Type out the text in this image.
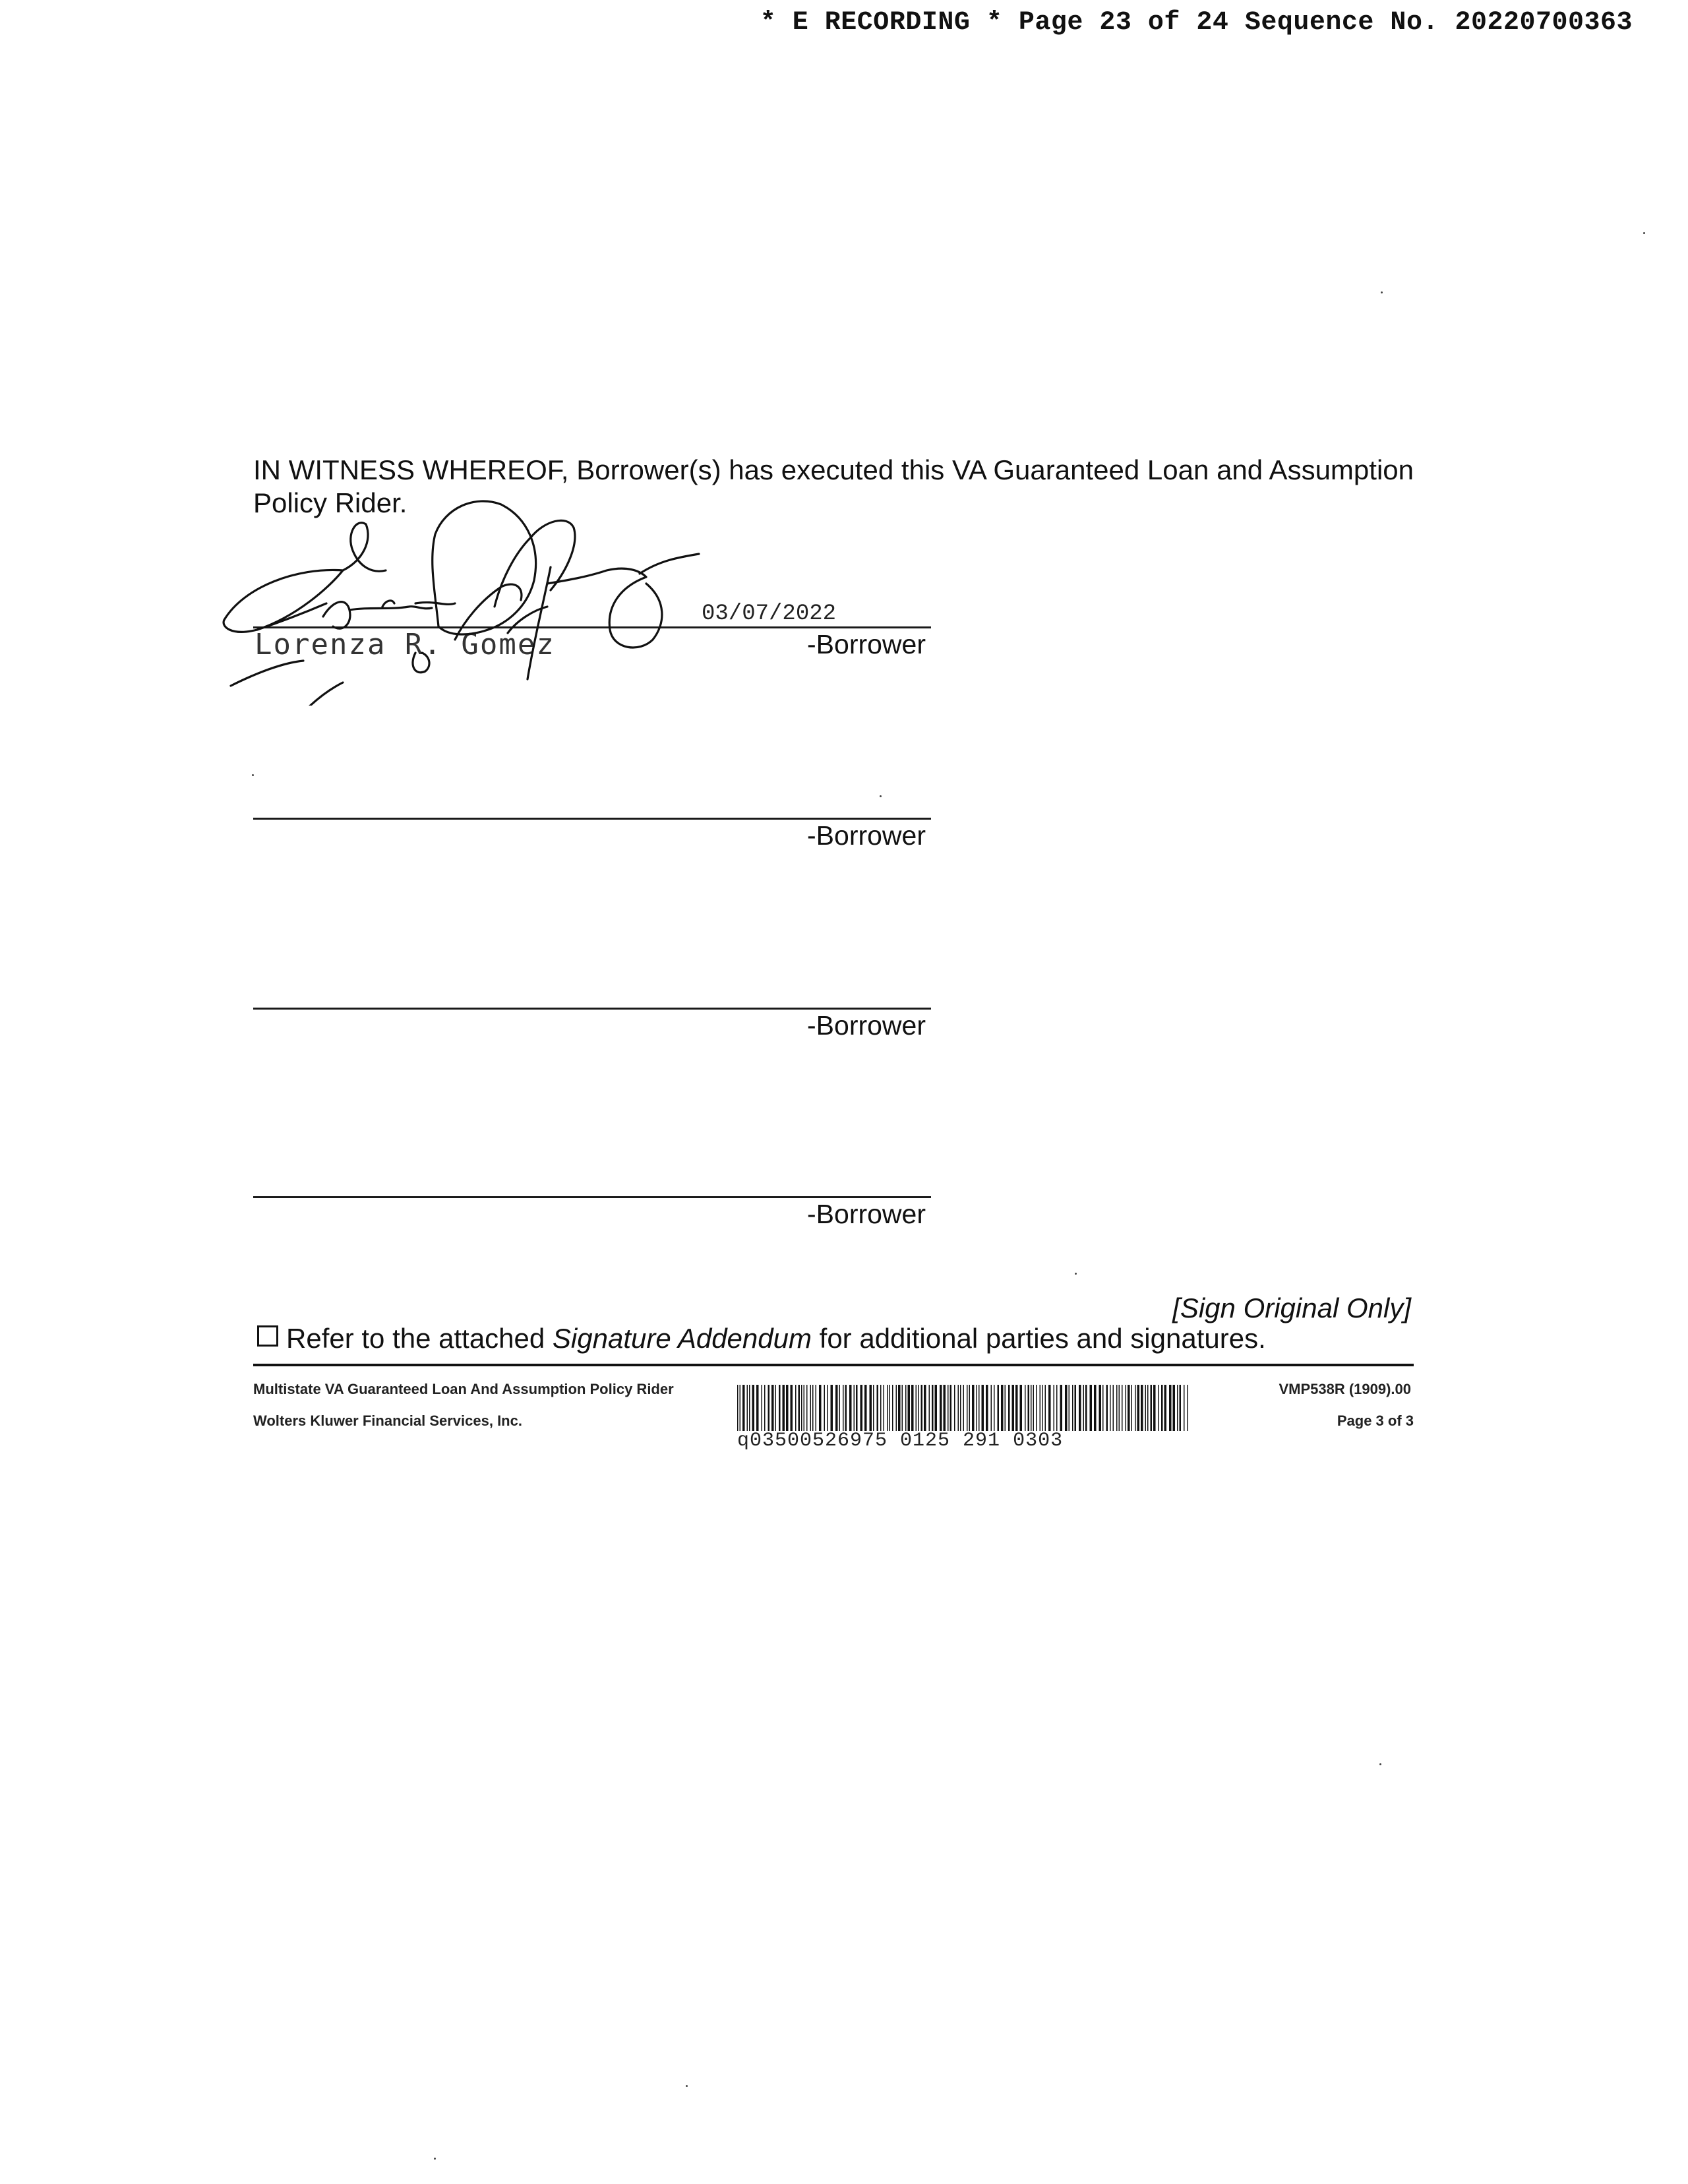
* E RECORDING * Page 23 of 24 Sequence No. 20220700363
IN WITNESS WHEREOF, Borrower(s) has executed this VA Guaranteed Loan and Assumption
Policy Rider.
03/07/2022
Lorenza R. Gomez	-Borrower
-Borrower
-Borrower
-Borrower
[Sign Original Only]
Refer to the attached Signature Addendum for additional parties and signatures.
Multistate VA Guaranteed Loan And Assumption Policy Rider
Wolters Kluwer Financial Services, Inc.
VMP538R (1909).00
Page 3 of 3
q03500526975 0125 291 0303
